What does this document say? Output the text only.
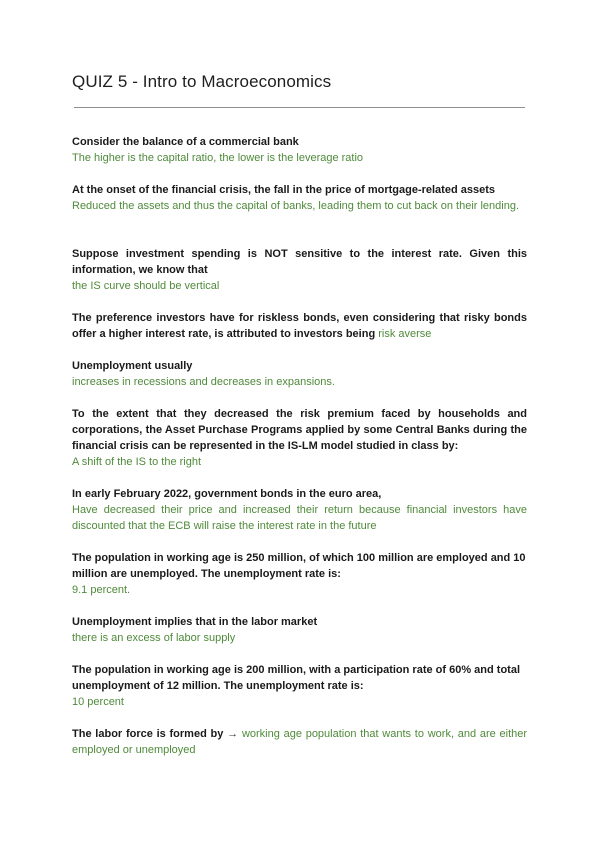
QUIZ 5 - Intro to Macroeconomics
Consider the balance of a commercial bank
The higher is the capital ratio, the lower is the leverage ratio
At the onset of the financial crisis, the fall in the price of mortgage-related assets
Reduced the assets and thus the capital of banks, leading them to cut back on their lending.
Suppose investment spending is NOT sensitive to the interest rate. Given this information, we know that
the IS curve should be vertical
The preference investors have for riskless bonds, even considering that risky bonds offer a higher interest rate, is attributed to investors being risk averse
Unemployment usually
increases in recessions and decreases in expansions.
To the extent that they decreased the risk premium faced by households and corporations, the Asset Purchase Programs applied by some Central Banks during the financial crisis can be represented in the IS-LM model studied in class by:
A shift of the IS to the right
In early February 2022, government bonds in the euro area,
Have decreased their price and increased their return because financial investors have discounted that the ECB will raise the interest rate in the future
The population in working age is 250 million, of which 100 million are employed and 10 million are unemployed. The unemployment rate is:
9.1 percent.
Unemployment implies that in the labor market
there is an excess of labor supply
The population in working age is 200 million, with a participation rate of 60% and total unemployment of 12 million. The unemployment rate is:
10 percent
The labor force is formed by → working age population that wants to work, and are either employed or unemployed
